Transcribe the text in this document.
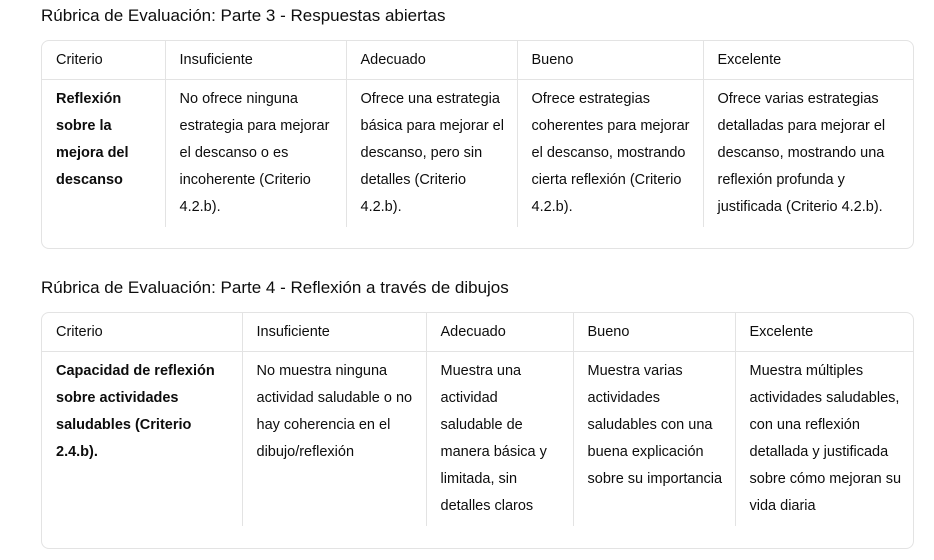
Rúbrica de Evaluación: Parte 3 - Respuestas abiertas
Criterio	Insuficiente	Adecuado	Bueno	Excelente
Reflexión sobre la mejora del descanso	No ofrece ninguna estrategia para mejorar el descanso o es incoherente (Criterio 4.2.b).	Ofrece una estrategia básica para mejorar el descanso, pero sin detalles (Criterio 4.2.b).	Ofrece estrategias coherentes para mejorar el descanso, mostrando cierta reflexión (Criterio 4.2.b).	Ofrece varias estrategias detalladas para mejorar el descanso, mostrando una reflexión profunda y justificada (Criterio 4.2.b).
Rúbrica de Evaluación: Parte 4 - Reflexión a través de dibujos
Criterio	Insuficiente	Adecuado	Bueno	Excelente
Capacidad de reflexión sobre actividades saludables (Criterio 2.4.b).	No muestra ninguna actividad saludable o no hay coherencia en el dibujo/reflexión	Muestra una actividad saludable de manera básica y limitada, sin detalles claros	Muestra varias actividades saludables con una buena explicación sobre su importancia	Muestra múltiples actividades saludables, con una reflexión detallada y justificada sobre cómo mejoran su vida diaria
